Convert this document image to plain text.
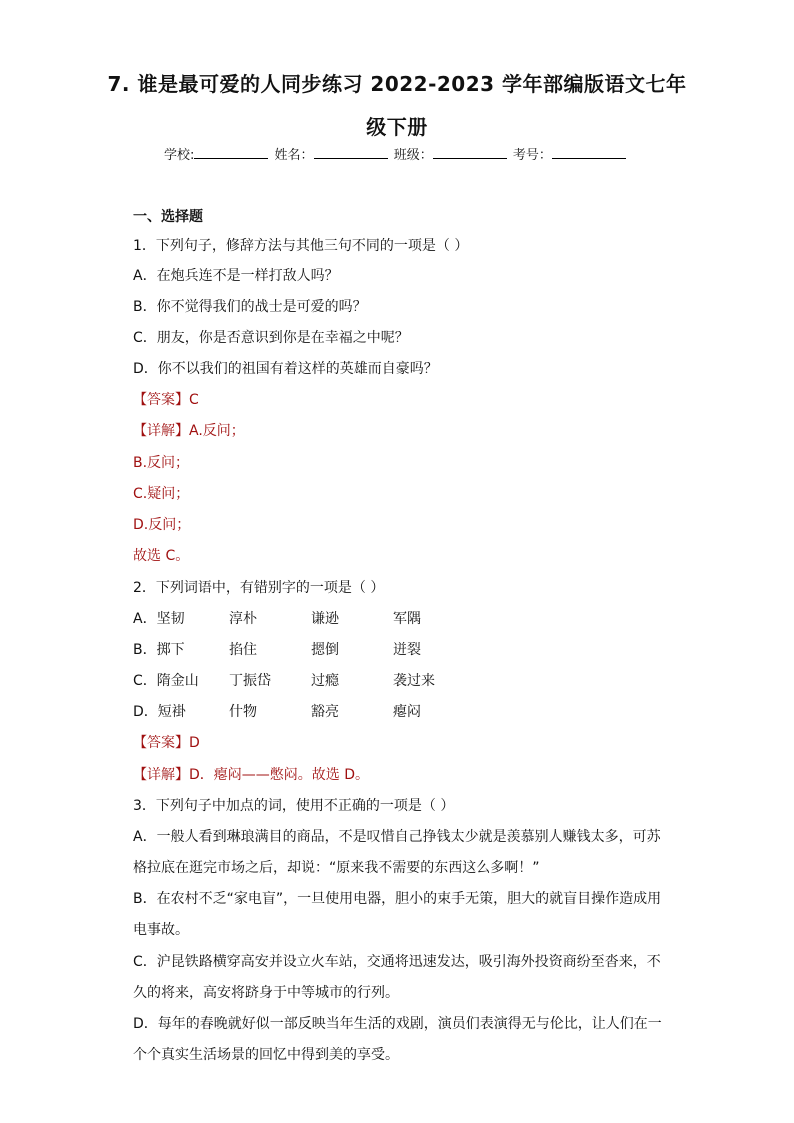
7. 谁是最可爱的人同步练习 2022-2023 学年部编版语文七年
级下册
学校:	姓名：	班级：	考号：
一、选择题
1．下列句子，修辞方法与其他三句不同的一项是（ ）
A．在炮兵连不是一样打敌人吗？
B．你不觉得我们的战士是可爱的吗？
C．朋友，你是否意识到你是在幸福之中呢？
D．你不以我们的祖国有着这样的英雄而自豪吗？
【答案】C
【详解】A.反问；
B.反问；
C.疑问；
D.反问；
故选 C。
2．下列词语中，有错别字的一项是（ ）
A．坚韧	淳朴	谦逊	军隅
B．掷下	掐住	摁倒	迸裂
C．隋金山 丁振岱	过瘾	袭过来
D．短褂	什物	豁亮	瘪闷
【答案】D
【详解】D．瘪闷——憋闷。故选 D。
3．下列句子中加点的词，使用不正确的一项是（ ）
A．一般人看到琳琅满目的商品，不是叹惜自己挣钱太少就是羡慕别人赚钱太多，可苏
格拉底在逛完市场之后，却说：“原来我不需要的东西这么多啊！”
B．在农村不乏“家电盲”，一旦使用电器，胆小的束手无策，胆大的就盲目操作造成用
电事故。
C．沪昆铁路横穿高安并设立火车站，交通将迅速发达，吸引海外投资商纷至沓来，不
久的将来，高安将跻身于中等城市的行列。
D．每年的春晚就好似一部反映当年生活的戏剧，演员们表演得无与伦比，让人们在一
个个真实生活场景的回忆中得到美的享受。
